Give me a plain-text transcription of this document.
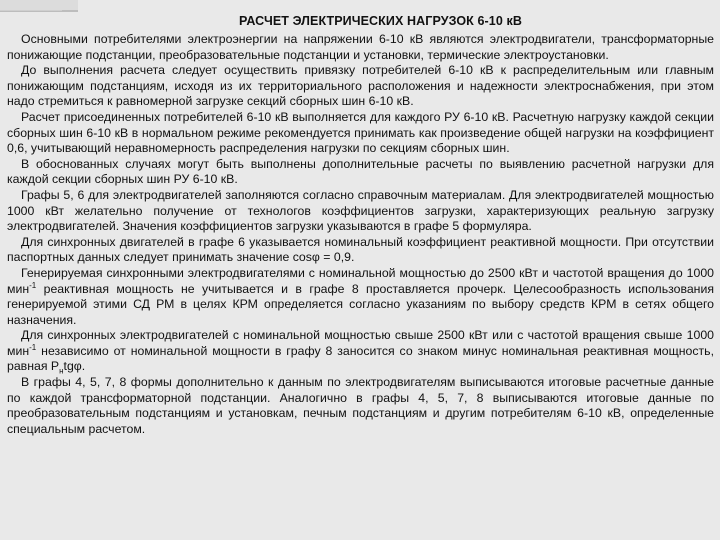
РАСЧЕТ ЭЛЕКТРИЧЕСКИХ НАГРУЗОК 6-10 кВ

Основными потребителями электроэнергии на напряжении 6-10 кВ являются электродвигатели, трансформаторные понижающие подстанции, преобразовательные подстанции и установки, термические электроустановки.

До выполнения расчета следует осуществить привязку потребителей 6-10 кВ к распределительным или главным понижающим подстанциям, исходя из их территориального расположения и надежности электроснабжения, при этом надо стремиться к равномерной загрузке секций сборных шин 6-10 кВ.

Расчет присоединенных потребителей 6-10 кВ выполняется для каждого РУ 6-10 кВ. Расчетную нагрузку каждой секции сборных шин 6-10 кВ в нормальном режиме рекомендуется принимать как произведение общей нагрузки на коэффициент 0,6, учитывающий неравномерность распределения нагрузки по секциям сборных шин.

В обоснованных случаях могут быть выполнены дополнительные расчеты по выявлению расчетной нагрузки для каждой секции сборных шин РУ 6-10 кВ.

Графы 5, 6 для электродвигателей заполняются согласно справочным материалам. Для электродвигателей мощностью 1000 кВт желательно получение от технологов коэффициентов загрузки, характеризующих реальную загрузку электродвигателей. Значения коэффициентов загрузки указываются в графе 5 формуляра.

Для синхронных двигателей в графе 6 указывается номинальный коэффициент реактивной мощности. При отсутствии паспортных данных следует принимать значение cosφ = 0,9.

Генерируемая синхронными электродвигателями с номинальной мощностью до 2500 кВт и частотой вращения до 1000 мин$^{-1}$ реактивная мощность не учитывается и в графе 8 проставляется прочерк. Целесообразность использования генерируемой этими СД РМ в целях КРМ определяется согласно указаниям по выбору средств КРМ в сетях общего назначения.

Для синхронных электродвигателей с номинальной мощностью свыше 2500 кВт или с частотой вращения свыше 1000 мин$^{-1}$ независимо от номинальной мощности в графу 8 заносится со знаком минус номинальная реактивная мощность, равная $P_нtg\varphi$.

В графы 4, 5, 7, 8 формы дополнительно к данным по электродвигателям выписываются итоговые расчетные данные по каждой трансформаторной подстанции. Аналогично в графы 4, 5, 7, 8 выписываются итоговые данные по преобразовательным подстанциям и установкам, печным подстанциям и другим потребителям 6-10 кВ, определенные специальным расчетом.
